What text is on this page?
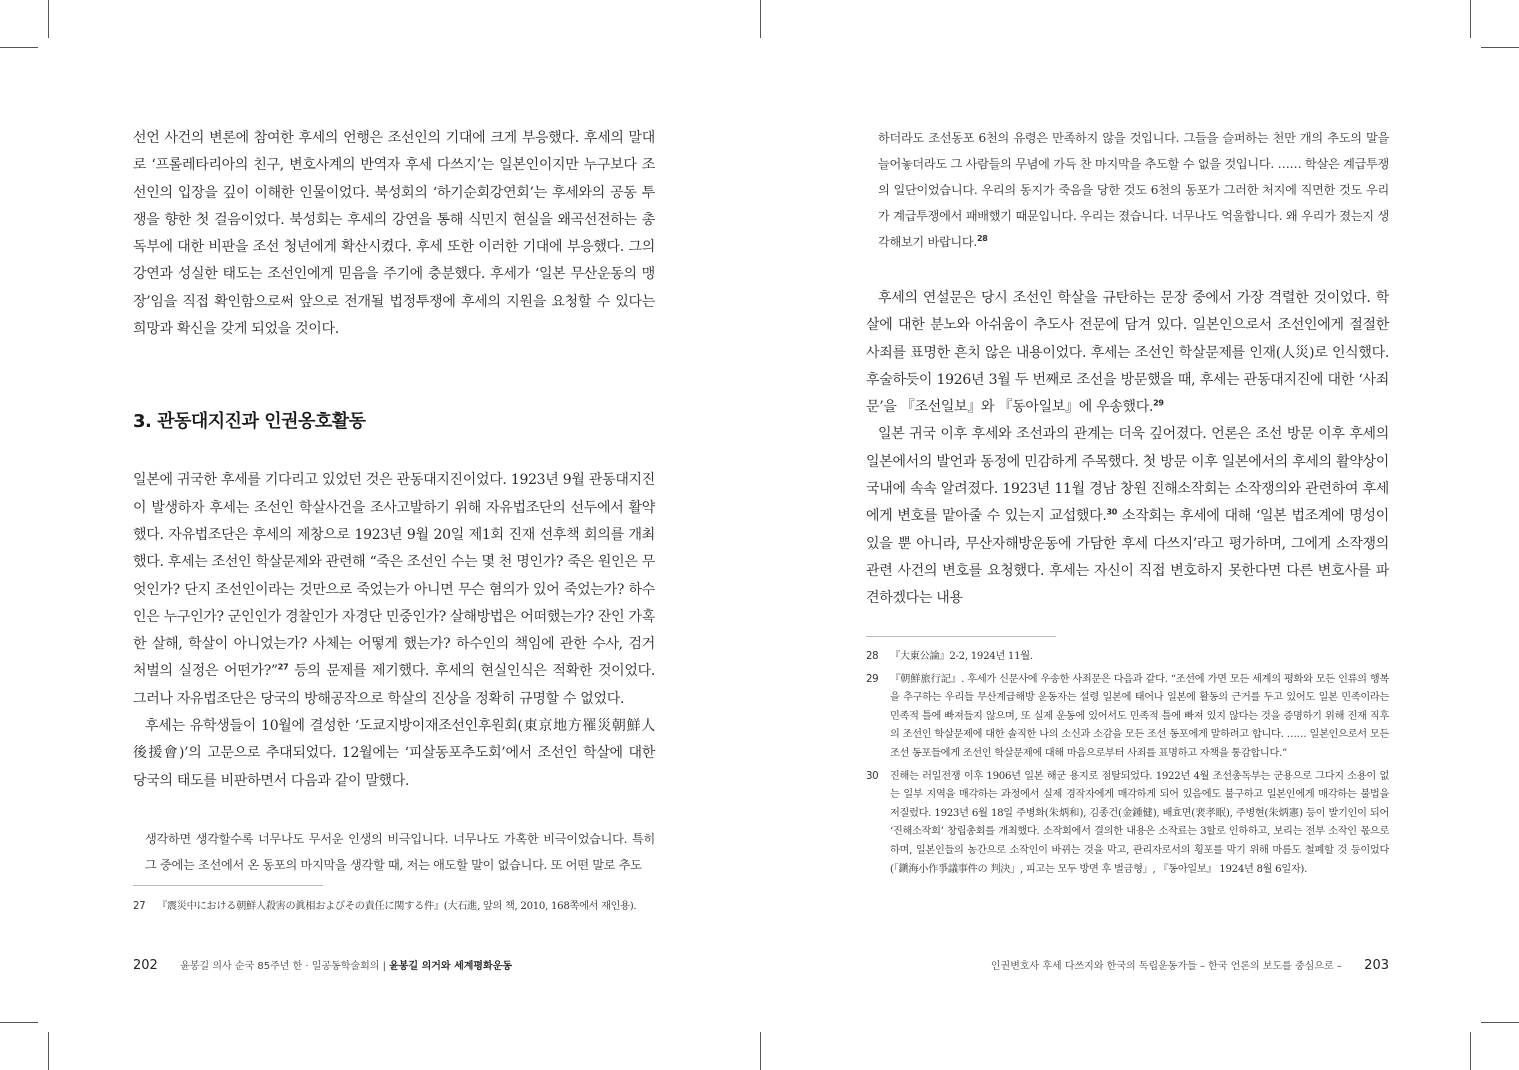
선언 사건의 변론에 참여한 후세의 언행은 조선인의 기대에 크게 부응했다. 후세의 말대로 ‘프롤레타리아의 친구, 변호사계의 반역자 후세 다쓰지’는 일본인이지만 누구보다 조선인의 입장을 깊이 이해한 인물이었다. 북성회의 ‘하기순회강연회’는 후세와의 공동 투쟁을 향한 첫 걸음이었다. 북성회는 후세의 강연을 통해 식민지 현실을 왜곡선전하는 총독부에 대한 비판을 조선 청년에게 확산시켰다. 후세 또한 이러한 기대에 부응했다. 그의 강연과 성실한 태도는 조선인에게 믿음을 주기에 충분했다. 후세가 ‘일본 무산운동의 맹장’임을 직접 확인함으로써 앞으로 전개될 법정투쟁에 후세의 지원을 요청할 수 있다는 희망과 확신을 갖게 되었을 것이다.

3. 관동대지진과 인권옹호활동

일본에 귀국한 후세를 기다리고 있었던 것은 관동대지진이었다. 1923년 9월 관동대지진이 발생하자 후세는 조선인 학살사건을 조사고발하기 위해 자유법조단의 선두에서 활약했다. 자유법조단은 후세의 제창으로 1923년 9월 20일 제1회 진재 선후책 회의를 개최했다. 후세는 조선인 학살문제와 관련해 “죽은 조선인 수는 몇 천 명인가? 죽은 원인은 무엇인가? 단지 조선인이라는 것만으로 죽었는가 아니면 무슨 혐의가 있어 죽었는가? 하수인은 누구인가? 군인인가 경찰인가 자경단 민중인가? 살해방법은 어떠했는가? 잔인 가혹한 살해, 학살이 아니었는가? 사체는 어떻게 했는가? 하수인의 책임에 관한 수사, 검거 처벌의 실정은 어떤가?”$^{27}$ 등의 문제를 제기했다. 후세의 현실인식은 적확한 것이었다. 그러나 자유법조단은 당국의 방해공작으로 학살의 진상을 정확히 규명할 수 없었다.

후세는 유학생들이 10월에 결성한 ‘도쿄지방이재조선인후원회(東京地方罹災朝鮮人後援會)’의 고문으로 추대되었다. 12월에는 ‘피살동포추도회’에서 조선인 학살에 대한 당국의 태도를 비판하면서 다음과 같이 말했다.

생각하면 생각할수록 너무나도 무서운 인생의 비극입니다. 너무나도 가혹한 비극이었습니다. 특히 그 중에는 조선에서 온 동포의 마지막을 생각할 때, 저는 애도할 말이 없습니다. 또 어떤 말로 추도

27	『震災中における朝鮮人殺害の眞相およびその責任に関する件』(大石進, 앞의 책, 2010, 168쪽에서 재인용).
202 윤봉길 의사 순국 85주년 한 · 일공동학술회의 | 윤봉길 의거와 세계평화운동

하더라도 조선동포 6천의 유령은 만족하지 않을 것입니다. 그들을 슬퍼하는 천만 개의 추도의 말을 늘어놓더라도 그 사람들의 무념에 가득 찬 마지막을 추도할 수 없을 것입니다. …… 학살은 계급투쟁의 일단이었습니다. 우리의 동지가 죽음을 당한 것도 6천의 동포가 그러한 처지에 직면한 것도 우리가 계급투쟁에서 패배했기 때문입니다. 우리는 졌습니다. 너무나도 억울합니다. 왜 우리가 졌는지 생각해보기 바랍니다.$^{28}$

후세의 연설문은 당시 조선인 학살을 규탄하는 문장 중에서 가장 격렬한 것이었다. 학살에 대한 분노와 아쉬움이 추도사 전문에 담겨 있다. 일본인으로서 조선인에게 절절한 사죄를 표명한 흔치 않은 내용이었다. 후세는 조선인 학살문제를 인재(人災)로 인식했다. 후술하듯이 1926년 3월 두 번째로 조선을 방문했을 때, 후세는 관동대지진에 대한 ‘사죄문’을 『조선일보』와 『동아일보』에 우송했다.$^{29}$

일본 귀국 이후 후세와 조선과의 관계는 더욱 깊어졌다. 언론은 조선 방문 이후 후세의 일본에서의 발언과 동정에 민감하게 주목했다. 첫 방문 이후 일본에서의 후세의 활약상이 국내에 속속 알려졌다. 1923년 11월 경남 창원 진해소작회는 소작쟁의와 관련하여 후세에게 변호를 맡아줄 수 있는지 교섭했다.$^{30}$ 소작회는 후세에 대해 ‘일본 법조계에 명성이 있을 뿐 아니라, 무산자해방운동에 가담한 후세 다쓰지’라고 평가하며, 그에게 소작쟁의 관련 사건의 변호를 요청했다. 후세는 자신이 직접 변호하지 못한다면 다른 변호사를 파견하겠다는 내용

28	『大東公論』2-2, 1924년 11월.
29	『朝鮮旅行記』. 후세가 신문사에 우송한 사죄문은 다음과 같다. “조선에 가면 모든 세계의 평화와 모든 인류의 행복을 추구하는 우리들 무산계급해방 운동자는 설령 일본에 태어나 일본에 활동의 근거를 두고 있어도 일본 민족이라는 민족적 틀에 빠져들지 않으며, 또 실제 운동에 있어서도 민족적 틀에 빠져 있지 않다는 것을 증명하기 위해 진재 직후의 조선인 학살문제에 대한 솔직한 나의 소신과 소감을 모든 조선 동포에게 말하려고 합니다. …… 일본인으로서 모든 조선 동포들에게 조선인 학살문제에 대해 마음으로부터 사죄를 표명하고 자책을 통감합니다.”
30	진해는 러일전쟁 이후 1906년 일본 해군 용지로 점탈되었다. 1922년 4월 조선총독부는 군용으로 그다지 소용이 없는 일부 지역을 매각하는 과정에서 실제 경작자에게 매각하게 되어 있음에도 불구하고 일본인에게 매각하는 불법을 저질렀다. 1923년 6월 18일 주병화(朱炳和), 김종건(金鍾健), 배효면(裵孝眠), 주병현(朱炳憲) 등이 발기인이 되어 ‘진해소작회’ 창립총회를 개최했다. 소작회에서 결의한 내용은 소작료는 3할로 인하하고, 보리는 전부 소작인 몫으로 하며, 일본인들의 농간으로 소작인이 바뀌는 것을 막고, 관리자로서의 횡포를 막기 위해 마름도 철폐할 것 등이었다(「鎭海小作爭議事件の 判決」, 피고는 모두 방면 후 벌금형」, 『동아일보』 1924년 8월 6일자).
인권변호사 후세 다쓰지와 한국의 독립운동가들 – 한국 언론의 보도를 중심으로 – 203
